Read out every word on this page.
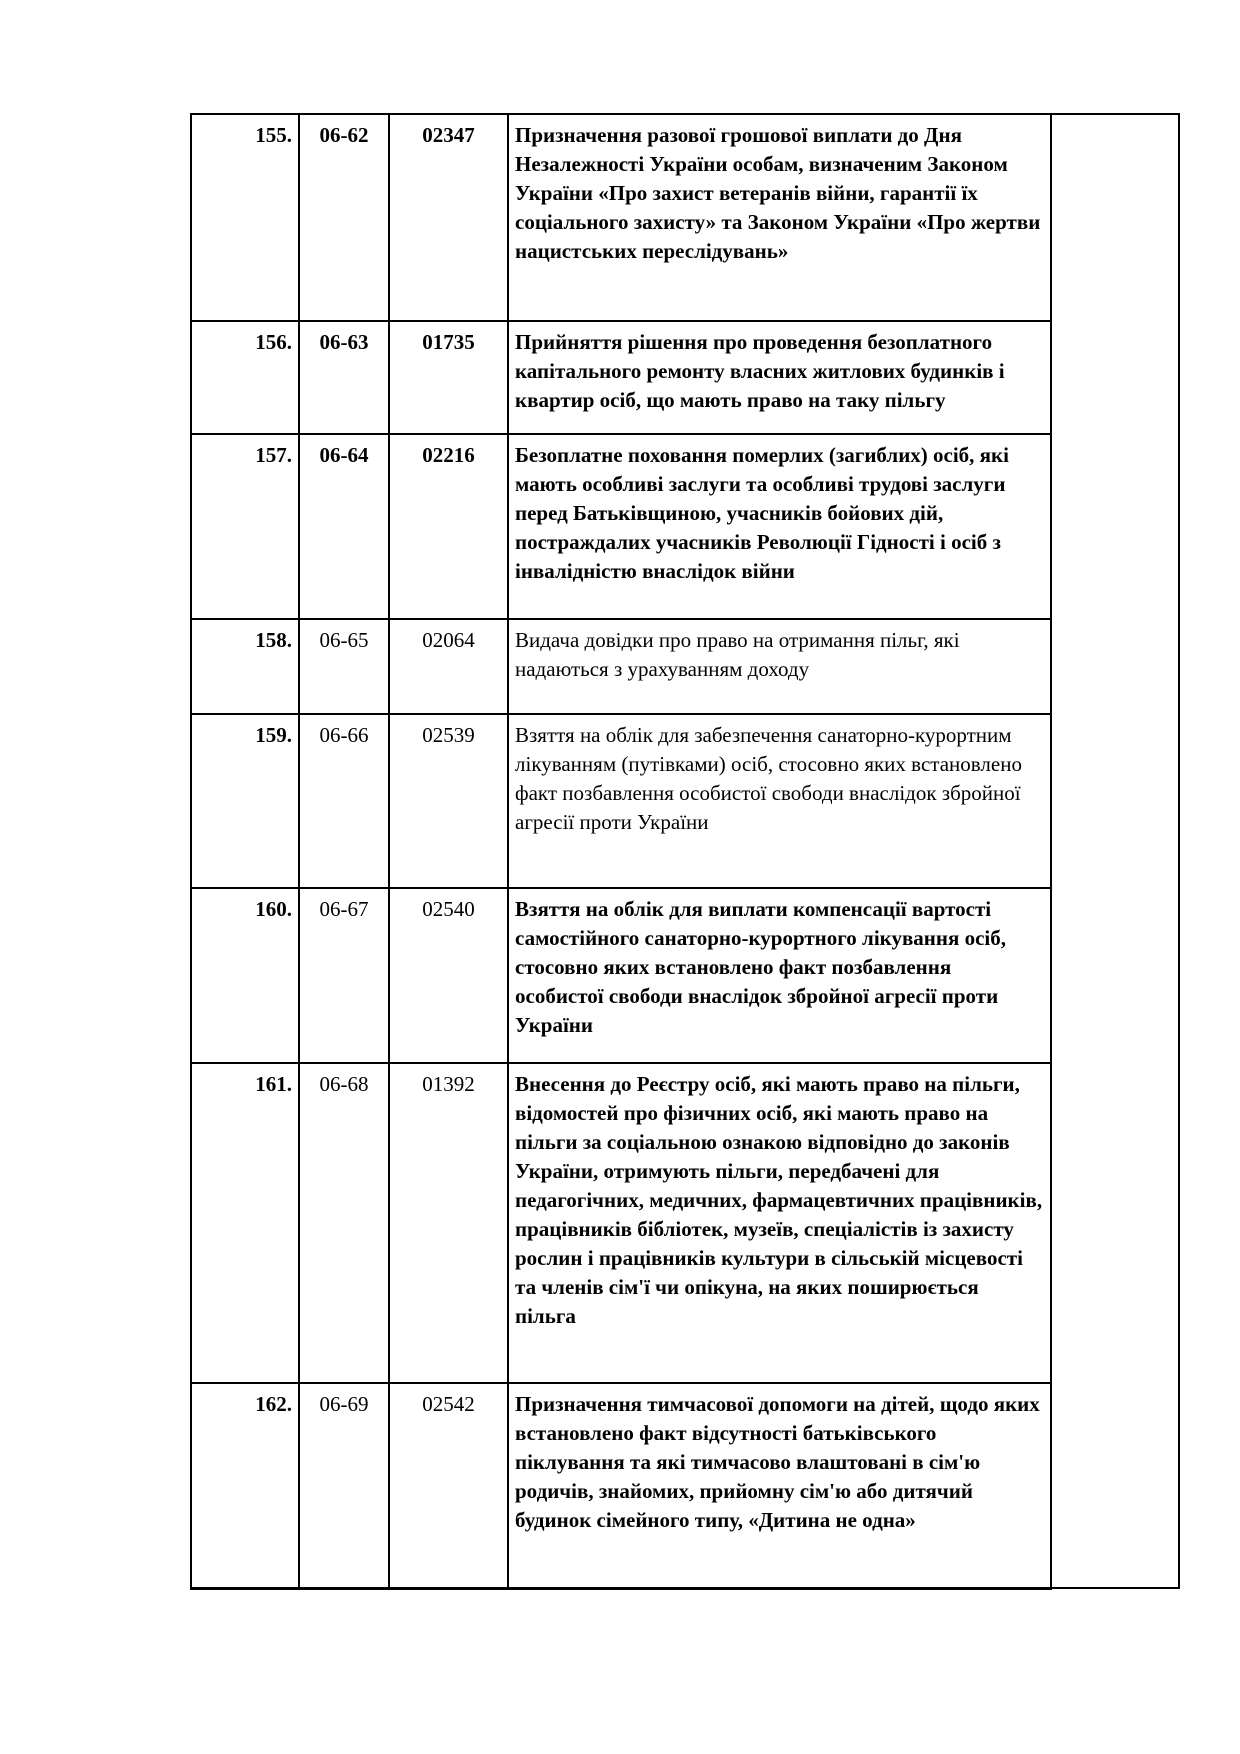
155.	06-62	02347	Призначення разової грошової виплати до Дня Незалежності України особам, визначеним Законом України «Про захист ветеранів війни, гарантії їх соціального захисту» та Законом України «Про жертви нацистських переслідувань»	
156.	06-63	01735	Прийняття рішення про проведення безоплатного капітального ремонту власних житлових будинків і квартир осіб, що мають право на таку пільгу	
157.	06-64	02216	Безоплатне поховання померлих (загиблих) осіб, які мають особливі заслуги та особливі трудові заслуги перед Батьківщиною, учасників бойових дій, постраждалих учасників Революції Гідності і осіб з інвалідністю внаслідок війни	
158.	06-65	02064	Видача довідки про право на отримання пільг, які надаються з урахуванням доходу	
159.	06-66	02539	Взяття на облік для забезпечення санаторно-курортним лікуванням (путівками) осіб, стосовно яких встановлено факт позбавлення особистої свободи внаслідок збройної агресії проти України	
160.	06-67	02540	Взяття на облік для виплати компенсації вартості самостійного санаторно-курортного лікування осіб, стосовно яких встановлено факт позбавлення особистої свободи внаслідок збройної агресії проти України	
161.	06-68	01392	Внесення до Реєстру осіб, які мають право на пільги, відомостей про фізичних осіб, які мають право на пільги за соціальною ознакою відповідно до законів України, отримують пільги, передбачені для педагогічних, медичних, фармацевтичних працівників, працівників бібліотек, музеїв, спеціалістів із захисту рослин і працівників культури в сільській місцевості та членів сім'ї чи опікуна, на яких поширюється пільга	
162.	06-69	02542	Призначення тимчасової допомоги на дітей, щодо яких встановлено факт відсутності батьківського піклування та які тимчасово влаштовані в сім'ю родичів, знайомих, прийомну сім'ю або дитячий будинок сімейного типу, «Дитина не одна»	
